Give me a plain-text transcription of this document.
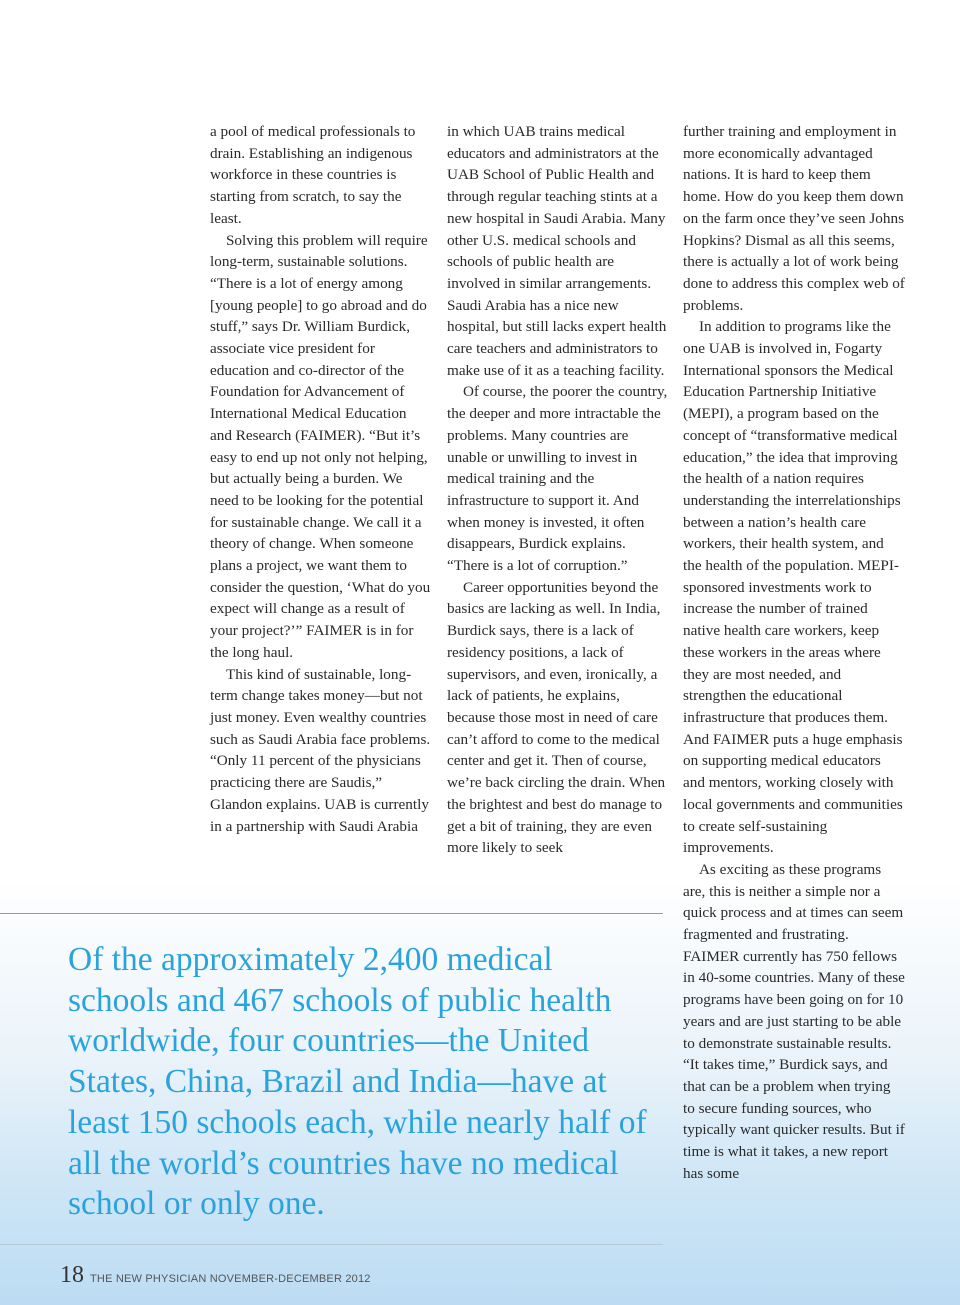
a pool of medical professionals to drain. Establishing an indigenous workforce in these countries is starting from scratch, to say the least.

Solving this problem will require long-term, sustainable solutions. “There is a lot of energy among [young people] to go abroad and do stuff,” says Dr. William Burdick, associate vice president for education and co-director of the Foundation for Advancement of International Medical Education and Research (FAIMER). “But it’s easy to end up not only not helping, but actually being a burden. We need to be looking for the potential for sustainable change. We call it a theory of change. When someone plans a project, we want them to consider the question, ‘What do you expect will change as a result of your project?’” FAIMER is in for the long haul.

This kind of sustainable, long-term change takes money—but not just money. Even wealthy countries such as Saudi Arabia face problems. “Only 11 percent of the physicians practicing there are Saudis,” Glandon explains. UAB is currently in a partnership with Saudi Arabia

in which UAB trains medical educators and administrators at the UAB School of Public Health and through regular teaching stints at a new hospital in Saudi Arabia. Many other U.S. medical schools and schools of public health are involved in similar arrangements. Saudi Arabia has a nice new hospital, but still lacks expert health care teachers and administrators to make use of it as a teaching facility.

Of course, the poorer the country, the deeper and more intractable the problems. Many countries are unable or unwilling to invest in medical training and the infrastructure to support it. And when money is invested, it often disappears, Burdick explains. “There is a lot of corruption.”

Career opportunities beyond the basics are lacking as well. In India, Burdick says, there is a lack of residency positions, a lack of supervisors, and even, ironically, a lack of patients, he explains, because those most in need of care can’t afford to come to the medical center and get it. Then of course, we’re back circling the drain. When the brightest and best do manage to get a bit of training, they are even more likely to seek

further training and employment in more economically advantaged nations. It is hard to keep them home. How do you keep them down on the farm once they’ve seen Johns Hopkins? Dismal as all this seems, there is actually a lot of work being done to address this complex web of problems.

In addition to programs like the one UAB is involved in, Fogarty International sponsors the Medical Education Partnership Initiative (MEPI), a program based on the concept of “transformative medical education,” the idea that improving the health of a nation requires understanding the interrelationships between a nation’s health care workers, their health system, and the health of the population. MEPI-sponsored investments work to increase the number of trained native health care workers, keep these workers in the areas where they are most needed, and strengthen the educational infrastructure that produces them. And FAIMER puts a huge emphasis on supporting medical educators and mentors, working closely with local governments and communities to create self-sustaining improvements.

As exciting as these programs are, this is neither a simple nor a quick process and at times can seem fragmented and frustrating. FAIMER currently has 750 fellows in 40-some countries. Many of these programs have been going on for 10 years and are just starting to be able to demonstrate sustainable results. “It takes time,” Burdick says, and that can be a problem when trying to secure funding sources, who typically want quicker results. But if time is what it takes, a new report has some

Of the approximately 2,400 medical schools and 467 schools of public health worldwide, four countries—the United States, China, Brazil and India—have at least 150 schools each, while nearly half of all the world’s countries have no medical school or only one.

18 THE NEW PHYSICIAN NOVEMBER-DECEMBER 2012
